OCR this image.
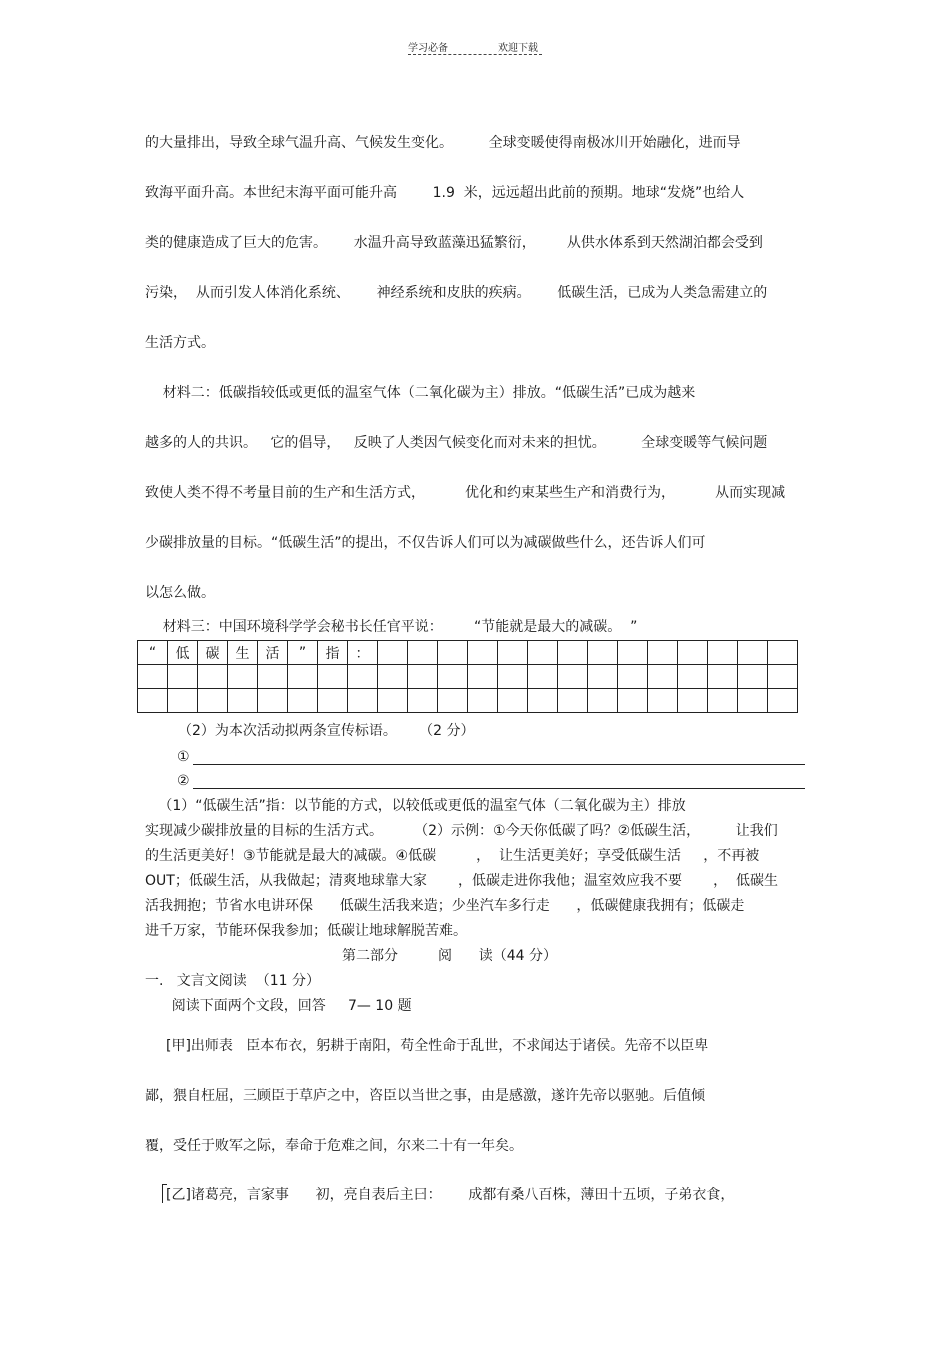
学习必备	欢迎下载
的大量排出，导致全球气温升高、气候发生变化。        全球变暖使得南极冰川开始融化，进而导
致海平面升高。本世纪末海平面可能升高        1.9  米，远远超出此前的预期。地球“发烧”也给人
类的健康造成了巨大的危害。      水温升高导致蓝藻迅猛繁衍，       从供水体系到天然湖泊都会受到
污染，  从而引发人体消化系统、      神经系统和皮肤的疾病。      低碳生活，已成为人类急需建立的
生活方式。
材料二：低碳指较低或更低的温室气体（二氧化碳为主）排放。“低碳生活”已成为越来
越多的人的共识。   它的倡导，   反映了人类因气候变化而对未来的担忧。        全球变暖等气候问题
致使人类不得不考量目前的生产和生活方式，         优化和约束某些生产和消费行为，         从而实现减
少碳排放量的目标。“低碳生活”的提出，不仅告诉人们可以为减碳做些什么，还告诉人们可
以怎么做。
材料三：中国环境科学学会秘书长任官平说：       “节能就是最大的减碳。  ”
“	低	碳	生	活	”	指	：														

（2）为本次活动拟两条宣传标语。     （2 分）
①
②
（1）“低碳生活”指：以节能的方式，以较低或更低的温室气体（二氧化碳为主）排放
实现减少碳排放量的目标的生活方式。       （2）示例：①今天你低碳了吗？②低碳生活，        让我们
的生活更美好！③节能就是最大的减碳。④低碳         ，  让生活更美好；享受低碳生活     ，不再被
OUT；低碳生活，从我做起；清爽地球靠大家       ，低碳走进你我他；温室效应我不要       ，  低碳生
活我拥抱；节省水电讲环保      低碳生活我来造；少坐汽车多行走      ，低碳健康我拥有；低碳走
进千万家，节能环保我参加；低碳让地球解脱苦难。
第二部分         阅      读（44 分）
一.   文言文阅读  （11 分）
阅读下面两个文段，回答     7— 10 题
[甲]出师表   臣本布衣，躬耕于南阳，苟全性命于乱世，不求闻达于诸侯。先帝不以臣卑
鄙，猥自枉屈，三顾臣于草庐之中，咨臣以当世之事，由是感激，遂许先帝以驱驰。后值倾
覆，受任于败军之际，奉命于危难之间，尔来二十有一年矣。
[乙]诸葛亮，言家事      初，亮自表后主曰：      成都有桑八百株，薄田十五顷，子弟衣食，
